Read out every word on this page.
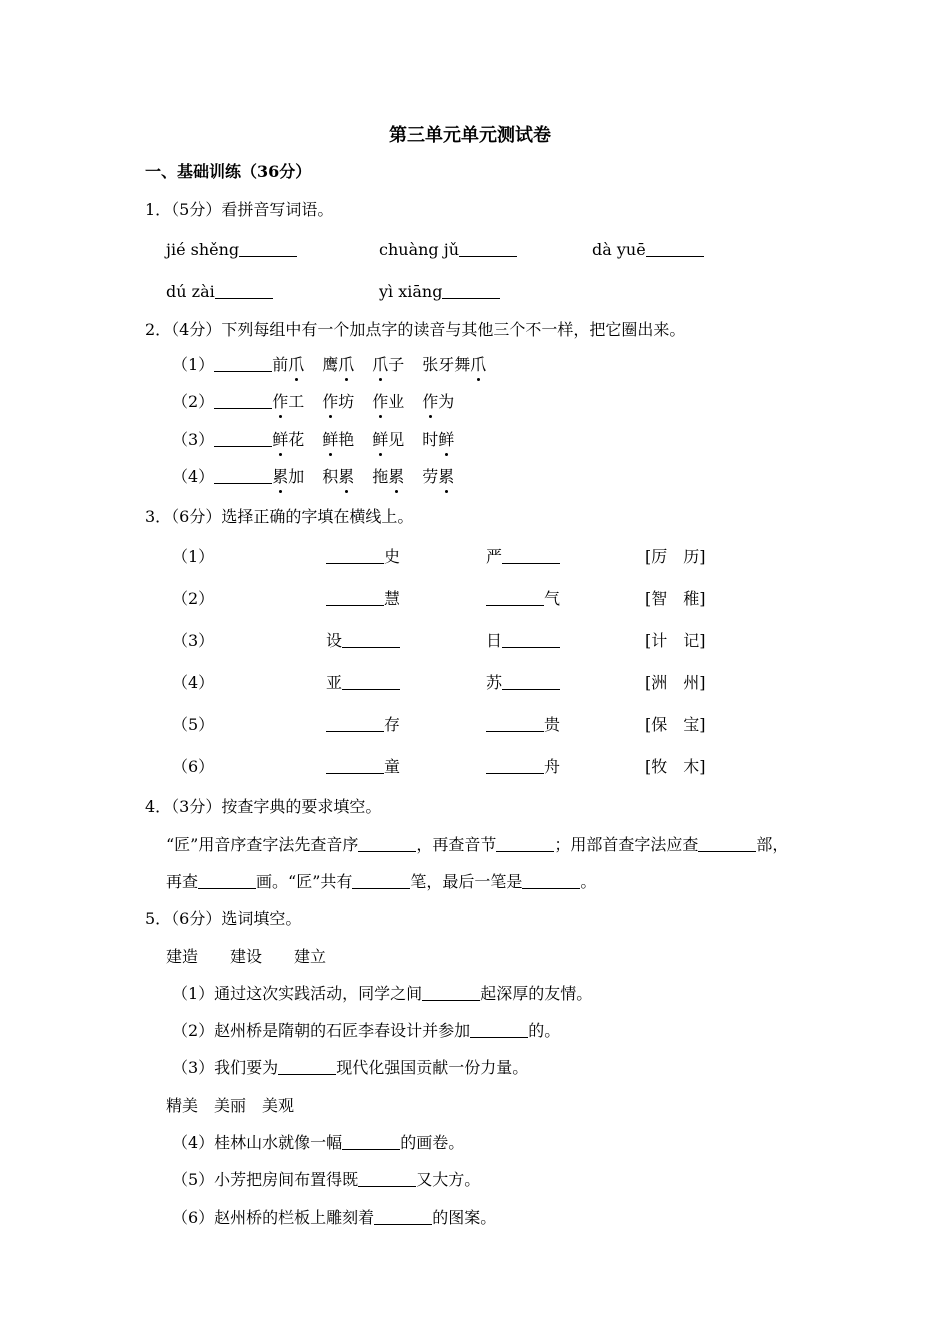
第三单元单元测试卷
一、基础训练（36分）
1．（5分）看拼音写词语。
jié shěng	chuàng jǔ	dà yuē
dú zài	yì xiāng
2．（4分）下列每组中有一个加点字的读音与其他三个不一样，把它圈出来。
（1）	前爪 鹰爪 爪子 张牙舞爪
（2）	作工 作坊 作业 作为
（3）	鲜花 鲜艳 鲜见 时鲜
（4）	累加 积累 拖累 劳累
3．（6分）选择正确的字填在横线上。
（1）	史	严	[厉　历]
（2）	慧	气	[智　稚]
（3）	设	日	[计　记]
（4）	亚	苏	[洲　州]
（5）	存	贵	[保　宝]
（6）	童	舟	[牧　木]
4．（3分）按查字典的要求填空。
“匠”用音序查字法先查音序	，再查音节	；用部首查字法应查	部，
再查	画。“匠”共有	笔，最后一笔是	。
5．（6分）选词填空。
建造　　建设　　建立
（1）通过这次实践活动，同学之间	起深厚的友情。
（2）赵州桥是隋朝的石匠李春设计并参加	的。
（3）我们要为	现代化强国贡献一份力量。
精美　美丽　美观
（4）桂林山水就像一幅	的画卷。
（5）小芳把房间布置得既	又大方。
（6）赵州桥的栏板上雕刻着	的图案。
